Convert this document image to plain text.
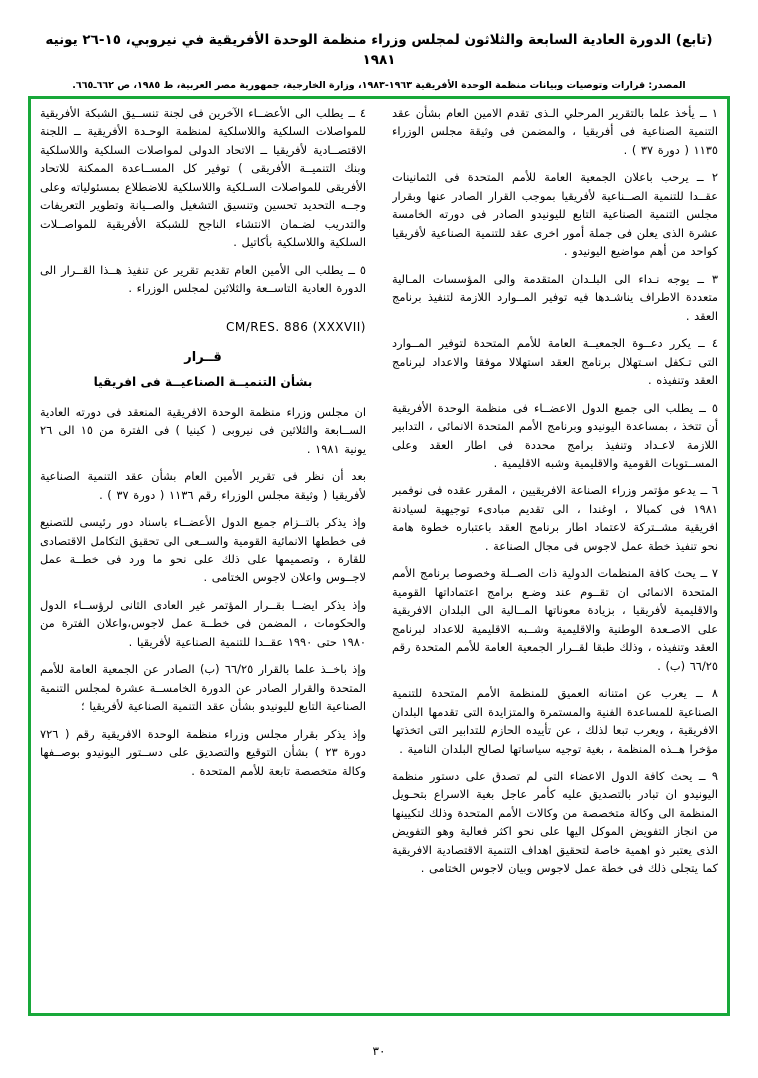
(تابع) الدورة العادية السابعة والثلاثون لمجلس وزراء منظمة الوحدة الأفريقية في نيروبي، ١٥-٢٦ يونيه ١٩٨١
المصدر: قرارات وتوصيات وبيانات منظمة الوحدة الأفريقية ١٩٦٣-١٩٨٣، وزارة الخارجية، جمهورية مصر العربية، ط ١٩٨٥، ص ٦٦٢ـ٦٦٥.

١ ــ يأخذ علما بالتقرير المرحلي الـذى تقدم الامين العام بشأن عقد التنمية الصناعية فى أفريقيا ، والمضمن فى وثيقة مجلس الوزراء ١١٣٥ ( دورة ٣٧ ) .

٢ ــ يرحب باعلان الجمعية العامة للأمم المتحدة فى الثمانينات عقــدا للتنمية الصــناعية لأفريقيا بموجب القرار الصادر عنها وبقرار مجلس التنمية الصناعية التابع لليونيدو الصادر فى دورته الخامسة عشرة الذى يعلن فى جملة أمور اخرى عقد للتنمية الصناعية لأفريقيا كواحد من أهم مواضيع اليونيدو .

٣ ــ يوجه نـداء الى البلـدان المتقدمة والى المؤسسات المـالية متعددة الاطراف يناشـدها فيه توفير المــوارد اللازمة لتنفيذ برنامج العقد .

٤ ــ يكرر دعــوة الجمعيــة العامة للأمم المتحدة لتوفير المــوارد التى تـكفل اسـتهلال برنامج العقد استهلالا موفقا والاعداد لبرنامج العقد وتنفيذه .

٥ ــ يطلب الى جميع الدول الاعضــاء فى منظمة الوحدة الأفريقية أن تتخذ ، بمساعدة اليونيدو وبرنامج الأمم المتحدة الانمائى ، التدابير اللازمة لاعـداد وتنفيذ برامج محددة فى اطار العقد وعلى المســتويات القومية والاقليمية وشبه الاقليمية .

٦ ــ يدعو مؤتمر وزراء الصناعة الافريقيين ، المقرر عقده فى نوفمبر ١٩٨١ فى كمبالا ، اوغندا ، الى تقديم مبادىء توجيهية لسيادنة افريقية مشــتركة لاعتماد اطار برنامج العقد باعتباره خطوة هامة نحو تنفيذ خطة عمل لاجوس فى مجال الصناعة .

٧ ــ يحث كافة المنظمات الدولية ذات الصــلة وخصوصا برنامج الأمم المتحدة الانمائى ان تقــوم عند وضـع برامج اعتماداتها القومية والاقليمية لأفريقيا ، بزيادة معوناتها المــالية الى البلدان الافريقية على الاصـعدة الوطنية والاقليمية وشــبه الاقليمية للاعداد لبرنامج العقد وتنفيذه ، وذلك طبقا لقــرار الجمعية العامة للأمم المتحدة رقم ٦٦/٢٥ (ب) .

٨ ــ يعرب عن امتنانه العميق للمنظمة الأمم المتحدة للتنمية الصناعية للمساعدة الفنية والمستمرة والمتزايدة التى تقدمها البلدان الافريقية ، ويعرب تبعا لذلك ، عن تأييده الحازم للتدابير التى اتخذتها مؤخرا هــذه المنظمة ، بغية توجيه سياساتها لصالح البلدان النامية .

٩ ــ يحث كافة الدول الاعضاء التى لم تصدق على دستور منظمة اليونيدو ان تبادر بالتصديق عليه كأمر عاجل بغية الاسراع بتحـويل المنظمة الى وكالة متخصصة من وكالات الأمم المتحدة وذلك لتكيينها من انجاز التفويض الموكل اليها على نحو اكثر فعالية وهو التفويض الذى يعتبر ذو اهمية خاصة لتحقيق اهداف التنمية الاقتصادية الافريقية كما يتجلى ذلك فى خطة عمل لاجوس وبيان لاجوس الختامى .

٤ ــ يطلب الى الأعضــاء الآخرين فى لجنة تنســيق الشبكة الأفريقية للمواصلات السلكية واللاسلكية لمنظمة الوحـدة الأفريقية ــ اللجنة الاقتصــادية لأفريقيا ــ الاتحاد الدولى لمواصلات السلكية واللاسلكية وبنك التنميــة الأفريقى ) توفير كل المســاعدة الممكنة للاتحاد الأفريقى للمواصلات السـلكية واللاسلكية للاضطلاع بمسئولياته وعلى وجــه التحديد تحسين وتنسيق التشغيل والصــيانة وتطوير التعريفات والتدريب لضـمان الانتشاء الناجح للشبكة الأفريقية للمواصــلات السلكية واللاسلكية بأكاتيل .

٥ ــ يطلب الى الأمين العام تقديم تقرير عن تنفيذ هــذا القــرار الى الدورة العادية التاســعة والثلاثين لمجلس الوزراء .

CM/RES. 886 (XXXVII)
قــرار
بشأن التنميــة الصناعيــة فى افريقيا

ان مجلس وزراء منظمة الوحدة الافريقية المنعقد فى دورته العادية الســابعة والثلاثين فى نيروبى ( كينيا ) فى الفترة من ١٥ الى ٢٦ يونية ١٩٨١ .

بعد أن نظر فى تقرير الأمين العام بشأن عقد التنمية الصناعية لأفريقيا ( وثيقة مجلس الوزراء رقم ١١٣٦ ( دورة ٣٧ ) .

وإذ يذكر بالتــزام جميع الدول الأعضــاء باسناد دور رئيسى للتصنيع فى خططها الانمائية القومية والســعى الى تحقيق التكامل الاقتصادى للقارة ، وتصميمها على ذلك على نحو ما ورد فى خطــة عمل لاجــوس واعلان لاجوس الختامى .

وإذ يذكر ايضــا بقــرار المؤتمر غير العادى الثانى لرؤســاء الدول والحكومات ، المضمن فى خطــة عمل لاجوس،واعلان الفترة من ١٩٨٠ حتى ١٩٩٠ عقــدا للتنمية الصناعية لأفريقيا .

وإذ باخــذ علما بالقرار ٦٦/٢٥ (ب) الصادر عن الجمعية العامة للأمم المتحدة والقرار الصادر عن الدورة الخامســة عشرة لمجلس التنمية الصناعية التابع لليونيدو بشأن عقد التنمية الصناعية لأفريقيا ؛

وإذ يذكر بقرار مجلس وزراء منظمة الوحدة الافريقية رقم ( ٧٢٦ دورة ٢٣ ) بشأن التوقيع والتصديق على دســتور اليونيدو بوصــفها وكالة متخصصة تابعة للأمم المتحدة .

٣٠
